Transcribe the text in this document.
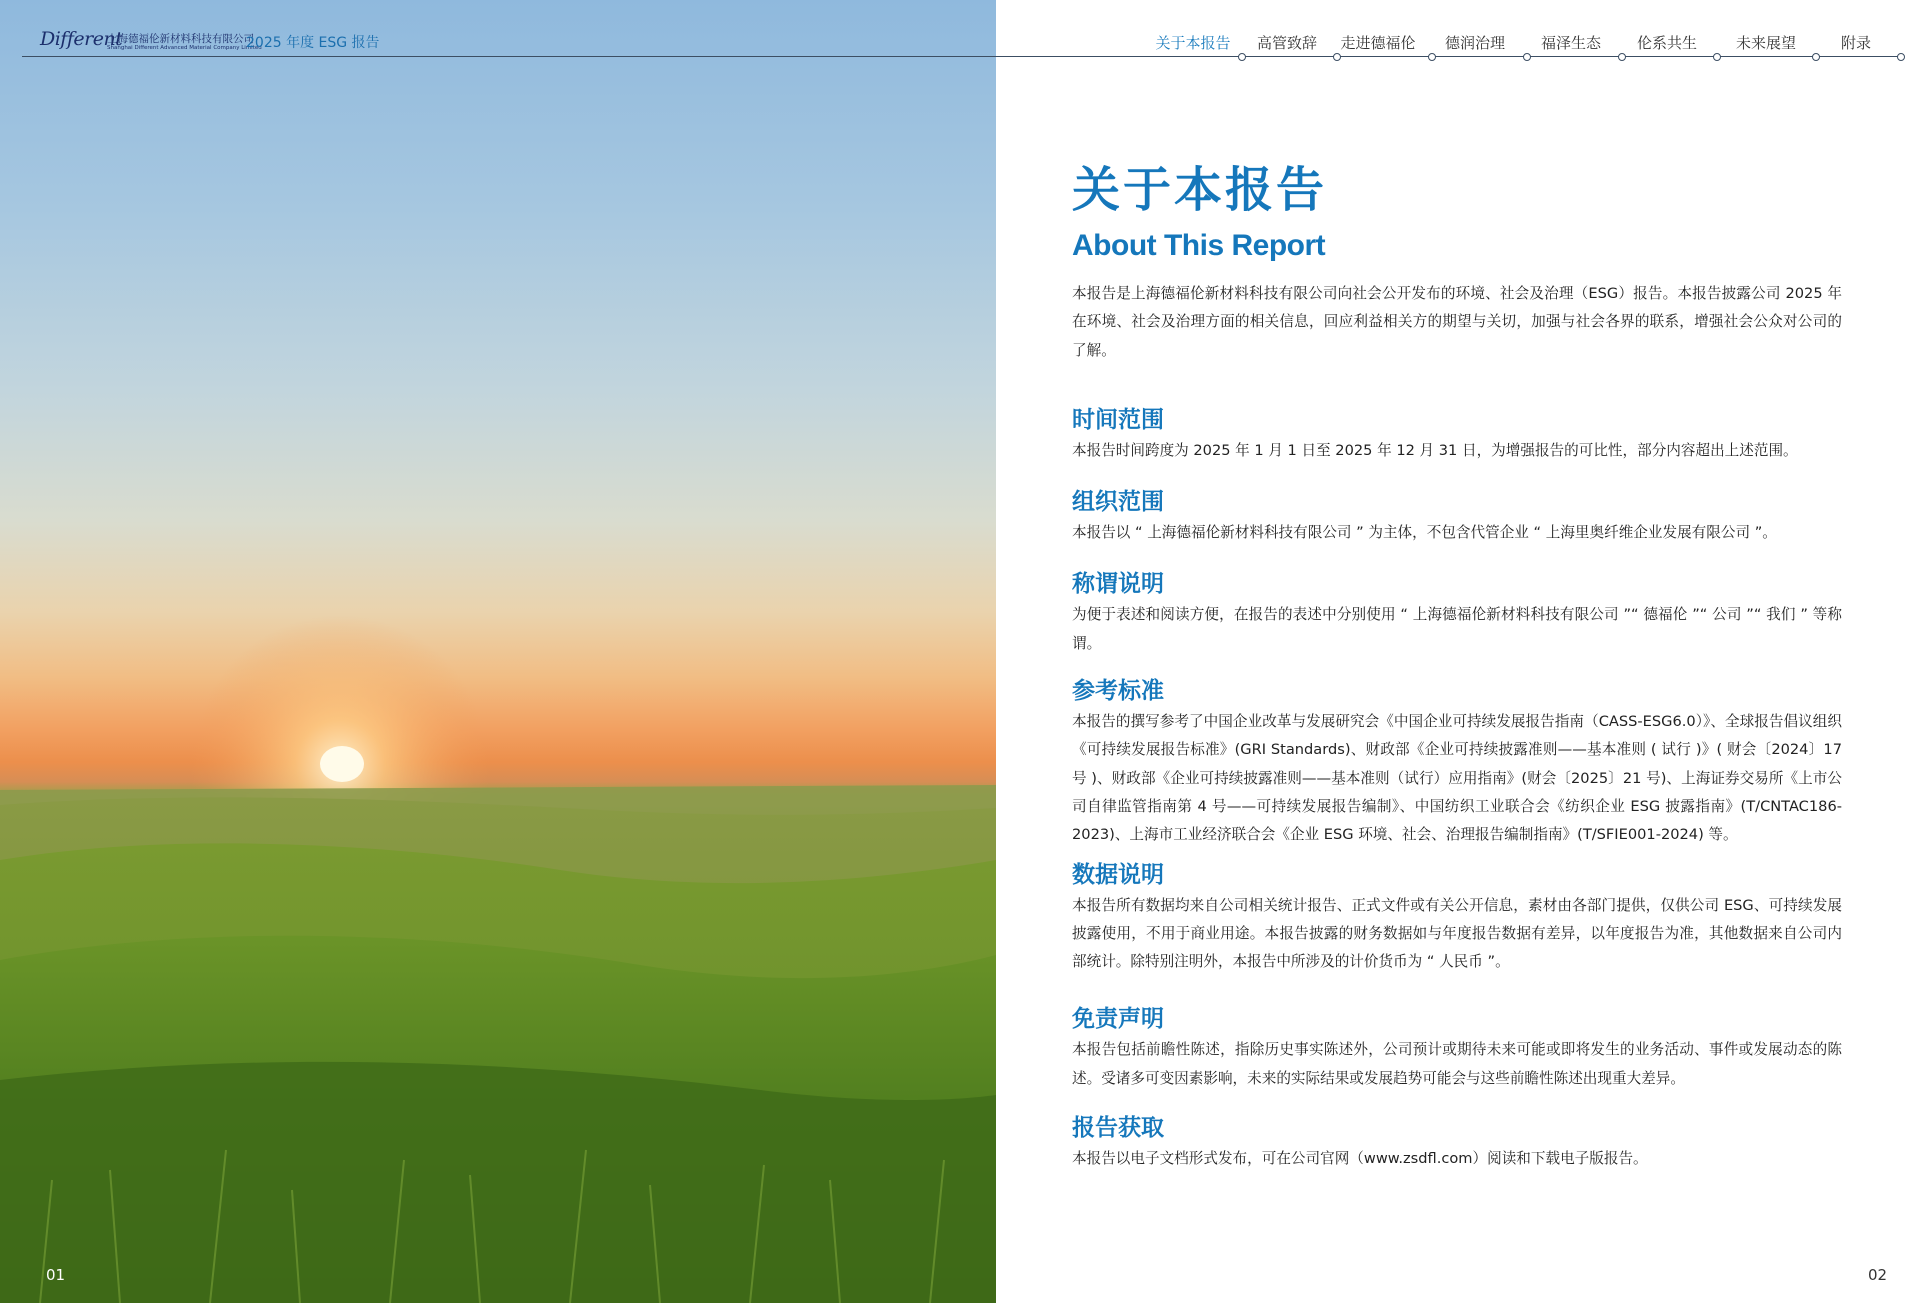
Different
上海德福伦新材料科技有限公司
Shanghai Different Advanced Material Company Limited
2025 年度 ESG 报告	关于本报告 高管致辞 走进德福伦 德润治理 福泽生态 伦系共生	未来展望	附录
关于本报告
About This Report

本报告是上海德福伦新材料科技有限公司向社会公开发布的环境、社会及治理（ESG）报告。本报告披露公司 2025 年在环境、社会及治理方面的相关信息，回应利益相关方的期望与关切，加强与社会各界的联系，增强社会公众对公司的了解。

时间范围

本报告时间跨度为 2025 年 1 月 1 日至 2025 年 12 月 31 日，为增强报告的可比性，部分内容超出上述范围。

组织范围

本报告以 “ 上海德福伦新材料科技有限公司 ” 为主体，不包含代管企业 “ 上海里奥纤维企业发展有限公司 ”。

称谓说明

为便于表述和阅读方便，在报告的表述中分别使用 “ 上海德福伦新材料科技有限公司 ”“ 德福伦 ”“ 公司 ”“ 我们 ” 等称谓。

参考标准

本报告的撰写参考了中国企业改革与发展研究会《中国企业可持续发展报告指南（CASS-ESG6.0）》、全球报告倡议组织《可持续发展报告标准》(GRI Standards)、财政部《企业可持续披露准则——基本准则 ( 试行 )》( 财会〔2024〕17 号 )、财政部《企业可持续披露准则——基本准则（试行）应用指南》(财会〔2025〕21 号)、上海证券交易所《上市公司自律监管指南第 4 号——可持续发展报告编制》、中国纺织工业联合会《纺织企业 ESG 披露指南》(T/CNTAC186-2023)、上海市工业经济联合会《企业 ESG 环境、社会、治理报告编制指南》(T/SFIE001-2024) 等。

数据说明

本报告所有数据均来自公司相关统计报告、正式文件或有关公开信息，素材由各部门提供，仅供公司 ESG、可持续发展披露使用，不用于商业用途。本报告披露的财务数据如与年度报告数据有差异，以年度报告为准，其他数据来自公司内部统计。除特别注明外，本报告中所涉及的计价货币为 “ 人民币 ”。

免责声明

本报告包括前瞻性陈述，指除历史事实陈述外，公司预计或期待未来可能或即将发生的业务活动、事件或发展动态的陈述。受诸多可变因素影响，未来的实际结果或发展趋势可能会与这些前瞻性陈述出现重大差异。

报告获取

本报告以电子文档形式发布，可在公司官网（www.zsdfl.com）阅读和下载电子版报告。

01	02
